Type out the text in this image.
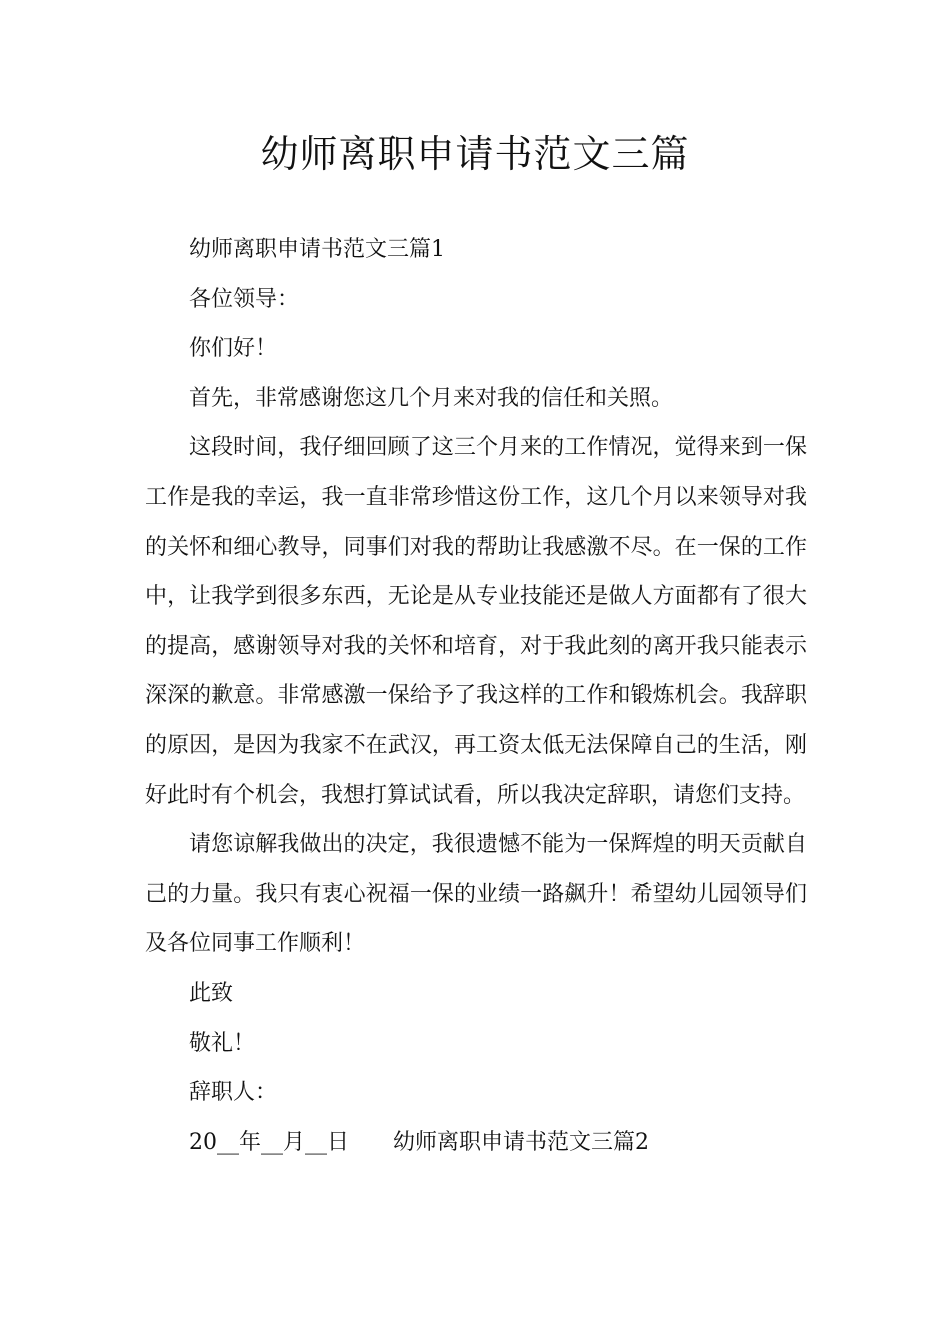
幼师离职申请书范文三篇

幼师离职申请书范文三篇1

各位领导：

你们好！

首先，非常感谢您这几个月来对我的信任和关照。

这段时间，我仔细回顾了这三个月来的工作情况，觉得来到一保工作是我的幸运，我一直非常珍惜这份工作，这几个月以来领导对我的关怀和细心教导，同事们对我的帮助让我感激不尽。在一保的工作中，让我学到很多东西，无论是从专业技能还是做人方面都有了很大的提高，感谢领导对我的关怀和培育，对于我此刻的离开我只能表示深深的歉意。非常感激一保给予了我这样的工作和锻炼机会。我辞职的原因，是因为我家不在武汉，再工资太低无法保障自己的生活，刚好此时有个机会，我想打算试试看，所以我决定辞职，请您们支持。

请您谅解我做出的决定，我很遗憾不能为一保辉煌的明天贡献自己的力量。我只有衷心祝福一保的业绩一路飙升！希望幼儿园领导们及各位同事工作顺利！

此致

敬礼！

辞职人：

20__年__月__日 幼师离职申请书范文三篇2
